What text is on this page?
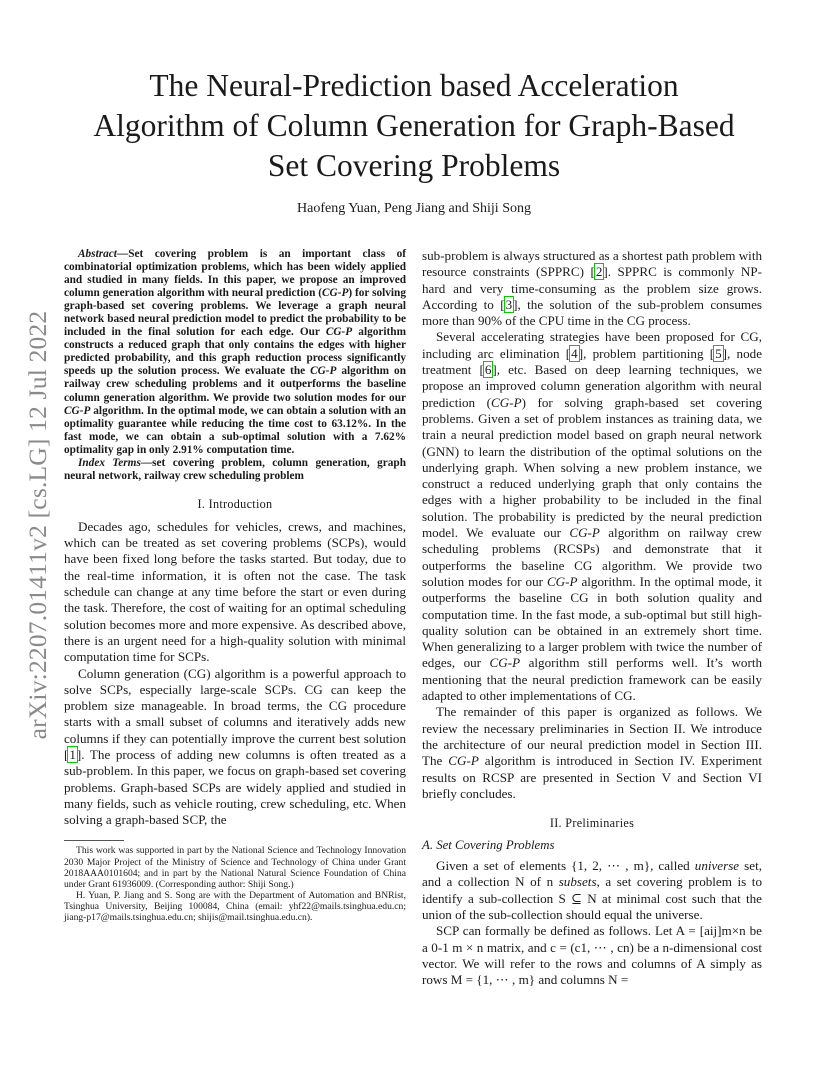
arXiv:2207.01411v2 [cs.LG] 12 Jul 2022
The Neural-Prediction based Acceleration
Algorithm of Column Generation for Graph-Based
Set Covering Problems
Haofeng Yuan, Peng Jiang and Shiji Song

Abstract—Set covering problem is an important class of combinatorial optimization problems, which has been widely applied and studied in many fields. In this paper, we propose an improved column generation algorithm with neural prediction (CG-P) for solving graph-based set covering problems. We leverage a graph neural network based neural prediction model to predict the probability to be included in the final solution for each edge. Our CG-P algorithm constructs a reduced graph that only contains the edges with higher predicted probability, and this graph reduction process significantly speeds up the solution process. We evaluate the CG-P algorithm on railway crew scheduling problems and it outperforms the baseline column generation algorithm. We provide two solution modes for our CG-P algorithm. In the optimal mode, we can obtain a solution with an optimality guarantee while reducing the time cost to 63.12%. In the fast mode, we can obtain a sub-optimal solution with a 7.62% optimality gap in only 2.91% computation time.

Index Terms—set covering problem, column generation, graph neural network, railway crew scheduling problem

I. Introduction

Decades ago, schedules for vehicles, crews, and machines, which can be treated as set covering problems (SCPs), would have been fixed long before the tasks started. But today, due to the real-time information, it is often not the case. The task schedule can change at any time before the start or even during the task. Therefore, the cost of waiting for an optimal scheduling solution becomes more and more expensive. As described above, there is an urgent need for a high-quality solution with minimal computation time for SCPs.

Column generation (CG) algorithm is a powerful approach to solve SCPs, especially large-scale SCPs. CG can keep the problem size manageable. In broad terms, the CG procedure starts with a small subset of columns and iteratively adds new columns if they can potentially improve the current best solution [1]. The process of adding new columns is often treated as a sub-problem. In this paper, we focus on graph-based set covering problems. Graph-based SCPs are widely applied and studied in many fields, such as vehicle routing, crew scheduling, etc. When solving a graph-based SCP, the

This work was supported in part by the National Science and Technology Innovation 2030 Major Project of the Ministry of Science and Technology of China under Grant 2018AAA0101604; and in part by the National Natural Science Foundation of China under Grant 61936009. (Corresponding author: Shiji Song.)

H. Yuan, P. Jiang and S. Song are with the Department of Automation and BNRist, Tsinghua University, Beijing 100084, China (email: yhf22@mails.tsinghua.edu.cn; jiang-p17@mails.tsinghua.edu.cn; shijis@mail.tsinghua.edu.cn).

sub-problem is always structured as a shortest path problem with resource constraints (SPPRC) [2]. SPPRC is commonly NP-hard and very time-consuming as the problem size grows. According to [3], the solution of the sub-problem consumes more than 90% of the CPU time in the CG process.

Several accelerating strategies have been proposed for CG, including arc elimination [4], problem partitioning [5], node treatment [6], etc. Based on deep learning techniques, we propose an improved column generation algorithm with neural prediction (CG-P) for solving graph-based set covering problems. Given a set of problem instances as training data, we train a neural prediction model based on graph neural network (GNN) to learn the distribution of the optimal solutions on the underlying graph. When solving a new problem instance, we construct a reduced underlying graph that only contains the edges with a higher probability to be included in the final solution. The probability is predicted by the neural prediction model. We evaluate our CG-P algorithm on railway crew scheduling problems (RCSPs) and demonstrate that it outperforms the baseline CG algorithm. We provide two solution modes for our CG-P algorithm. In the optimal mode, it outperforms the baseline CG in both solution quality and computation time. In the fast mode, a sub-optimal but still high-quality solution can be obtained in an extremely short time. When generalizing to a larger problem with twice the number of edges, our CG-P algorithm still performs well. It’s worth mentioning that the neural prediction framework can be easily adapted to other implementations of CG.

The remainder of this paper is organized as follows. We review the necessary preliminaries in Section II. We introduce the architecture of our neural prediction model in Section III. The CG-P algorithm is introduced in Section IV. Experiment results on RCSP are presented in Section V and Section VI briefly concludes.

II. Preliminaries
A. Set Covering Problems

Given a set of elements {1, 2, ⋯ , m}, called universe set, and a collection N of n subsets, a set covering problem is to identify a sub-collection S ⊆ N at minimal cost such that the union of the sub-collection should equal the universe.

SCP can formally be defined as follows. Let A = [aij]m×n be a 0-1 m × n matrix, and c = (c1, ⋯ , cn) be a n-dimensional cost vector. We will refer to the rows and columns of A simply as rows M = {1, ⋯ , m} and columns N =
